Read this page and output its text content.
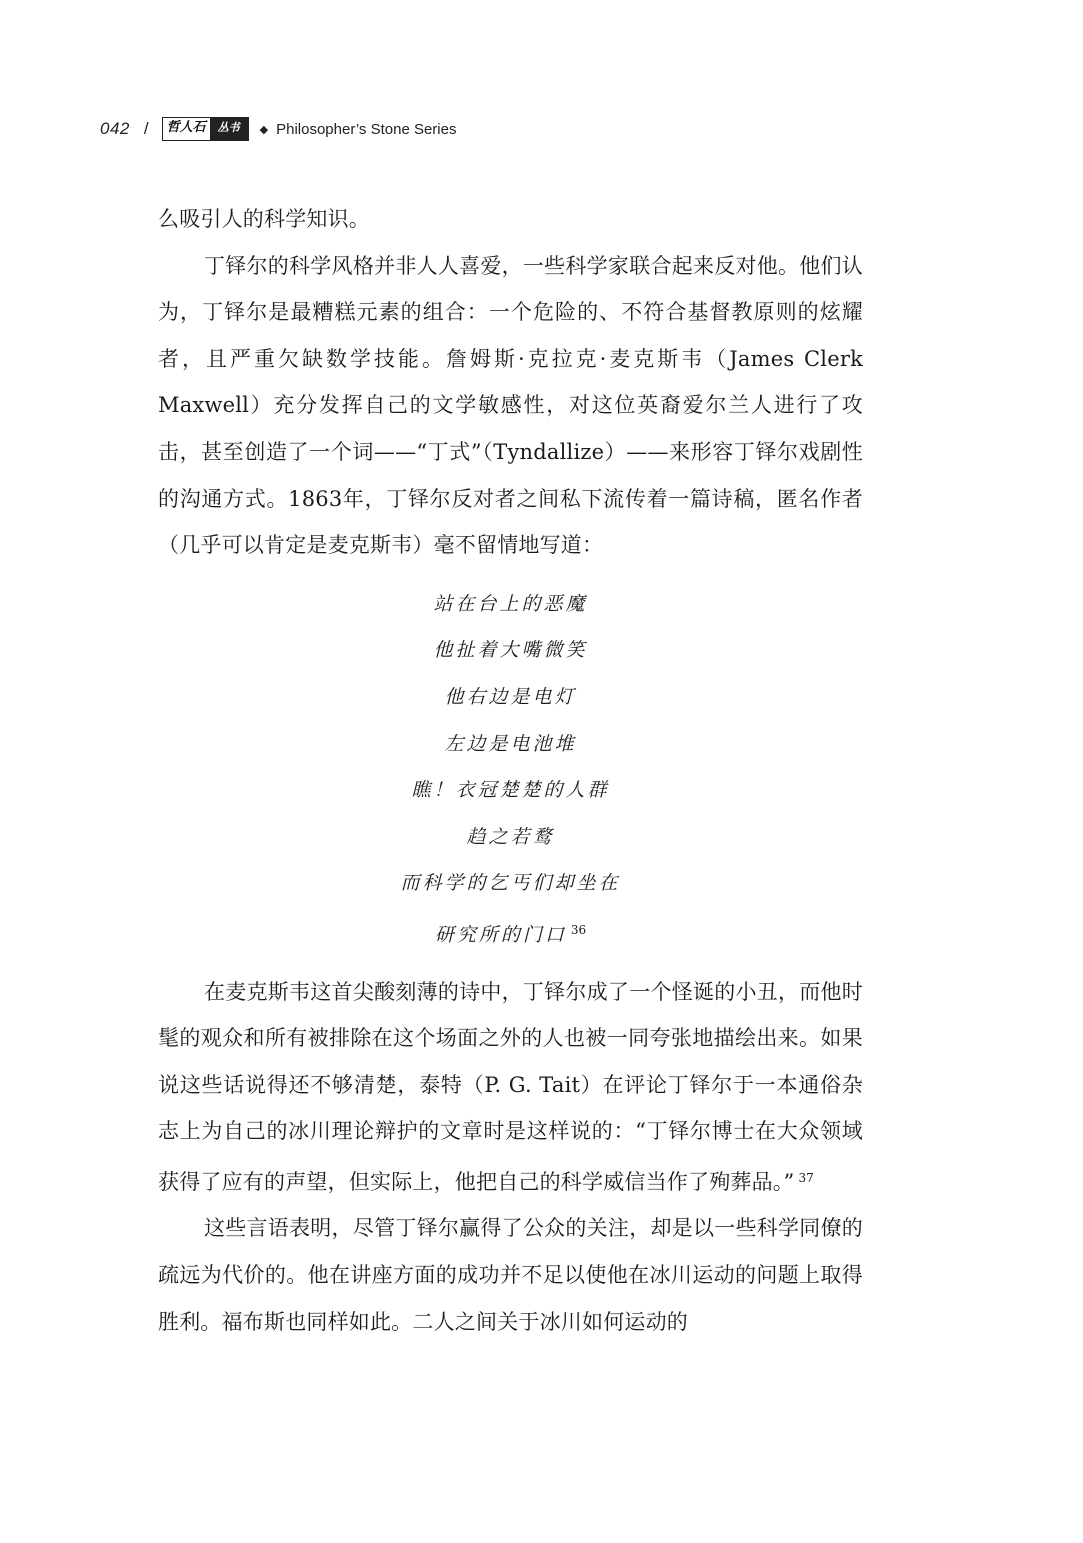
042 /	哲人石	丛书	◆ Philosopher’s Stone Series

么吸引人的科学知识。

丁铎尔的科学风格并非人人喜爱，一些科学家联合起来反对他。他们认为，丁铎尔是最糟糕元素的组合：一个危险的、不符合基督教原则的炫耀者，且严重欠缺数学技能。詹姆斯·克拉克·麦克斯韦（James Clerk Maxwell）充分发挥自己的文学敏感性，对这位英裔爱尔兰人进行了攻击，甚至创造了一个词——“丁式”（Tyndallize）——来形容丁铎尔戏剧性的沟通方式。1863年，丁铎尔反对者之间私下流传着一篇诗稿，匿名作者（几乎可以肯定是麦克斯韦）毫不留情地写道：

站在台上的恶魔
他扯着大嘴微笑
他右边是电灯
左边是电池堆
瞧！衣冠楚楚的人群
趋之若鹜
而科学的乞丐们却坐在
研究所的门口 $^{36}$

在麦克斯韦这首尖酸刻薄的诗中，丁铎尔成了一个怪诞的小丑，而他时髦的观众和所有被排除在这个场面之外的人也被一同夸张地描绘出来。如果说这些话说得还不够清楚，泰特（P. G. Tait）在评论丁铎尔于一本通俗杂志上为自己的冰川理论辩护的文章时是这样说的：“丁铎尔博士在大众领域获得了应有的声望，但实际上，他把自己的科学威信当作了殉葬品。” $^{37}$

这些言语表明，尽管丁铎尔赢得了公众的关注，却是以一些科学同僚的疏远为代价的。他在讲座方面的成功并不足以使他在冰川运动的问题上取得胜利。福布斯也同样如此。二人之间关于冰川如何运动的
